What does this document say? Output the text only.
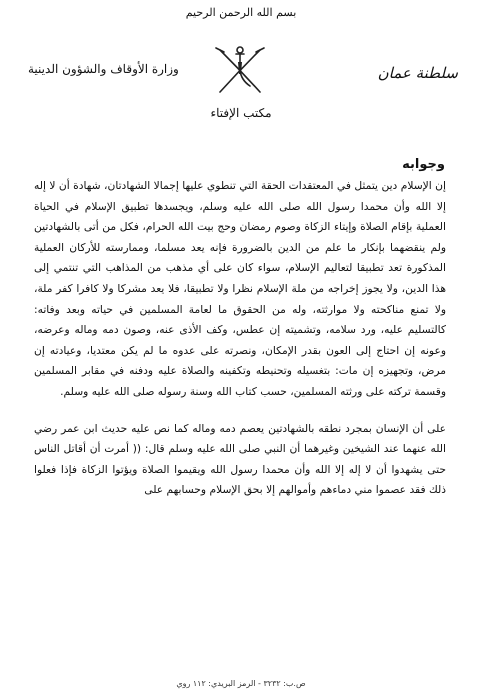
بسم الله الرحمن الرحيم
وزارة الأوقاف والشؤون الدينية	سلطنة عمان
مكتب الإفتاء
وجوابه

إن الإسلام دين يتمثل في المعتقدات الحقة التي تنطوي عليها إجمالا الشهادتان، شهادة أن لا إله إلا الله وأن محمدا رسول الله صلى الله عليه وسلم، ويجسدها تطبيق الإسلام في الحياة العملية بإقام الصلاة وإيتاء الزكاة وصوم رمضان وحج بيت الله الحرام، فكل من أتى بالشهادتين ولم ينقضهما بإنكار ما علم من الدين بالضرورة فإنه يعد مسلما، وممارسته للأركان العملية المذكورة تعد تطبيقا لتعاليم الإسلام، سواء كان على أي مذهب من المذاهب التي تنتمي إلى هذا الدين، ولا يجوز إخراجه من ملة الإسلام نظرا ولا تطبيقا، فلا يعد مشركا ولا كافرا كفر ملة، ولا تمنع مناكحته ولا موارثته، وله من الحقوق ما لعامة المسلمين في حياته وبعد وفاته: كالتسليم عليه، ورد سلامه، وتشميته إن عطس، وكف الأذى عنه، وصون دمه وماله وعرضه، وعونه إن احتاج إلى العون بقدر الإمكان، ونصرته على عدوه ما لم يكن معتديا، وعيادته إن مرض، وتجهيزه إن مات: بتغسيله وتحنيطه وتكفينه والصلاة عليه ودفنه في مقابر المسلمين وقسمة تركته على ورثته المسلمين، حسب كتاب الله وسنة رسوله صلى الله عليه وسلم.

على أن الإنسان بمجرد نطقه بالشهادتين يعصم دمه وماله كما نص عليه حديث ابن عمر رضي الله عنهما عند الشيخين وغيرهما أن النبي صلى الله عليه وسلم قال: (( أمرت أن أقاتل الناس حتى يشهدوا أن لا إله إلا الله وأن محمدا رسول الله ويقيموا الصلاة ويؤتوا الزكاة فإذا فعلوا ذلك فقد عصموا مني دماءهم وأموالهم إلا بحق الإسلام وحسابهم على

ص.ب: ٣٢٣٢ - الرمز البريدي: ١١٢ روي
